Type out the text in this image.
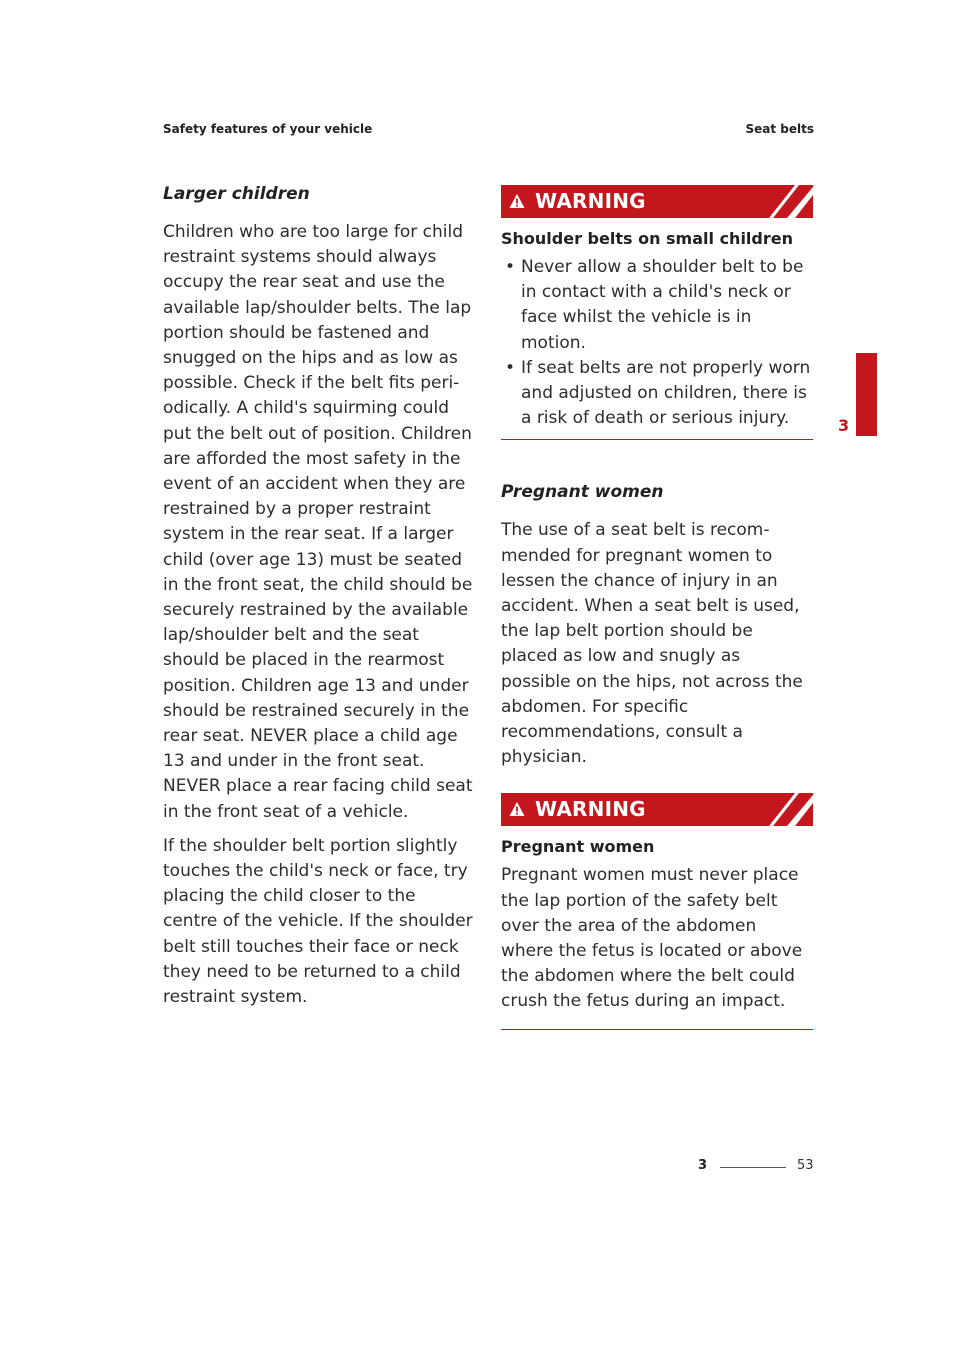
Safety features of your vehicle	Seat belts
Larger children

Children who are too large for child restraint systems should always occupy the rear seat and use the available lap/shoulder belts. The lap portion should be fastened and snugged on the hips and as low as possible. Check if the belt fits peri-odically. A child's squirming could put the belt out of position. Children are afforded the most safety in the event of an accident when they are restrained by a proper restraint system in the rear seat. If a larger child (over age 13) must be seated in the front seat, the child should be securely restrained by the available lap/shoulder belt and the seat should be placed in the rearmost position. Children age 13 and under should be restrained securely in the rear seat. NEVER place a child age 13 and under in the front seat. NEVER place a rear facing child seat in the front seat of a vehicle.

If the shoulder belt portion slightly touches the child's neck or face, try placing the child closer to the centre of the vehicle. If the shoulder belt still touches their face or neck they need to be returned to a child restraint system.

WARNING
Shoulder belts on small children
• Never allow a shoulder belt to be in contact with a child's neck or face whilst the vehicle is in motion.
• If seat belts are not properly worn and adjusted on children, there is a risk of death or serious injury.
Pregnant women

The use of a seat belt is recom-mended for pregnant women to lessen the chance of injury in an accident. When a seat belt is used, the lap belt portion should be placed as low and snugly as possible on the hips, not across the abdomen. For specific recommendations, consult a physician.

WARNING
Pregnant women

Pregnant women must never place the lap portion of the safety belt over the area of the abdomen where the fetus is located or above the abdomen where the belt could crush the fetus during an impact.

3
3	53
